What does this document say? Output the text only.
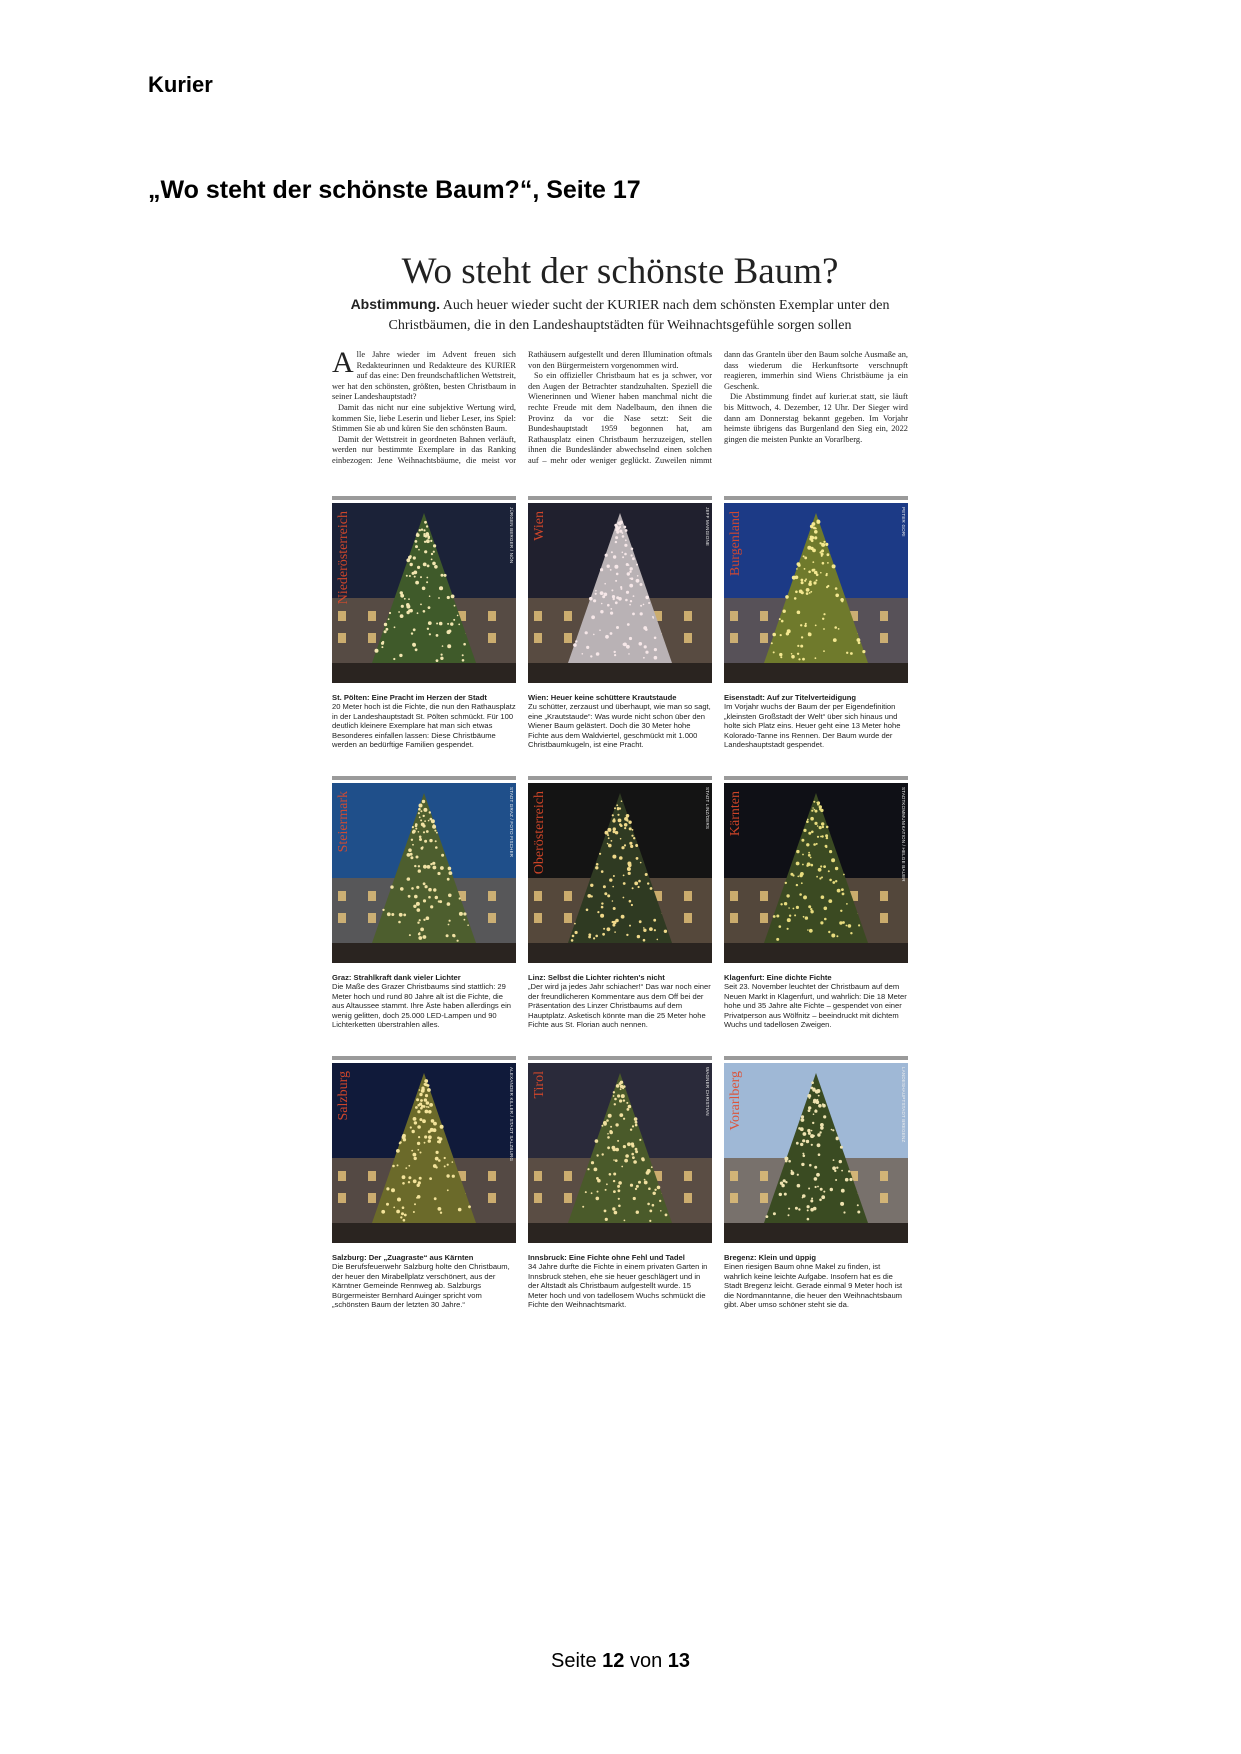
Kurier
„Wo steht der schönste Baum?“, Seite 17
Wo steht der schönste Baum?
Abstimmung. Auch heuer wieder sucht der KURIER nach dem schönsten Exemplar unter den Christbäumen, die in den Landeshauptstädten für Weihnachtsgefühle sorgen sollen

Alle Jahre wieder im Advent freuen sich Redakteurinnen und Redakteure des KURIER auf das eine: Den freundschaftlichen Wettstreit, wer hat den schönsten, größten, besten Christbaum in seiner Landeshauptstadt?

Damit das nicht nur eine subjektive Wertung wird, kommen Sie, liebe Leserin und lieber Leser, ins Spiel: Stimmen Sie ab und küren Sie den schönsten Baum.

Damit der Wettstreit in geordneten Bahnen verläuft, werden nur bestimmte Exemplare in das Ranking einbezogen: Jene Weihnachtsbäume, die meist vor Rathäusern aufgestellt und deren Illumination oftmals von den Bürgermeistern vorgenommen wird.

So ein offizieller Christbaum hat es ja schwer, vor den Augen der Betrachter standzuhalten. Speziell die Wienerinnen und Wiener haben manchmal nicht die rechte Freude mit dem Nadelbaum, den ihnen die Provinz da vor die Nase setzt: Seit die Bundeshauptstadt 1959 begonnen hat, am Rathausplatz einen Christbaum herzuzeigen, stellen ihnen die Bundesländer abwechselnd einen solchen auf – mehr oder weniger geglückt. Zuweilen nimmt dann das Granteln über den Baum solche Ausmaße an, dass wiederum die Herkunftsorte verschnupft reagieren, immerhin sind Wiens Christbäume ja ein Geschenk.

Die Abstimmung findet auf kurier.at statt, sie läuft bis Mittwoch, 4. Dezember, 12 Uhr. Der Sieger wird dann am Donnerstag bekannt gegeben. Im Vorjahr heimste übrigens das Burgenland den Sieg ein, 2022 gingen die meisten Punkte an Vorarlberg.

Niederösterreich	JÜRGEN BERGER / NÖN
St. Pölten: Eine Pracht im Herzen der Stadt
20 Meter hoch ist die Fichte, die nun den Rathausplatz in der Landeshauptstadt St. Pölten schmückt. Für 100 deutlich kleinere Exemplare hat man sich etwas Besonderes einfallen lassen: Diese Christbäume werden an bedürftige Familien gespendet.
Wien	JEFF MANGIONE
Wien: Heuer keine schüttere Krautstaude
Zu schütter, zerzaust und überhaupt, wie man so sagt, eine „Krautstaude“: Was wurde nicht schon über den Wiener Baum gelästert. Doch die 30 Meter hohe Fichte aus dem Waldviertel, geschmückt mit 1.000 Christbaumkugeln, ist eine Pracht.
Burgenland	PETER GORI
Eisenstadt: Auf zur Titelverteidigung
Im Vorjahr wuchs der Baum der per Eigendefinition „kleinsten Großstadt der Welt“ über sich hinaus und holte sich Platz eins. Heuer geht eine 13 Meter hohe Kolorado-Tanne ins Rennen. Der Baum wurde der Landeshauptstadt gespendet.
Steiermark	STADT GRAZ / FOTO FISCHER
Graz: Strahlkraft dank vieler Lichter
Die Maße des Grazer Christbaums sind stattlich: 29 Meter hoch und rund 80 Jahre alt ist die Fichte, die aus Altaussee stammt. Ihre Äste haben allerdings ein wenig gelitten, doch 25.000 LED-Lampen und 90 Lichterketten überstrahlen alles.
Oberösterreich	STADT LINZ/DERS
Linz: Selbst die Lichter richten's nicht
„Der wird ja jedes Jahr schiacher!“ Das war noch einer der freundlicheren Kommentare aus dem Off bei der Präsentation des Linzer Christbaums auf dem Hauptplatz. Asketisch könnte man die 25 Meter hohe Fichte aus St. Florian auch nennen.
Kärnten	STADTKOMMUNIKATION / HELGE BAUER
Klagenfurt: Eine dichte Fichte
Seit 23. November leuchtet der Christbaum auf dem Neuen Markt in Klagenfurt, und wahrlich: Die 18 Meter hohe und 35 Jahre alte Fichte – gespendet von einer Privatperson aus Wölfnitz – beeindruckt mit dichtem Wuchs und tadellosen Zweigen.
Salzburg	ALEXANDER KILLER / STADT SALZBURG
Salzburg: Der „Zuagraste“ aus Kärnten
Die Berufsfeuerwehr Salzburg holte den Christbaum, der heuer den Mirabellplatz verschönert, aus der Kärntner Gemeinde Rennweg ab. Salzburgs Bürgermeister Bernhard Auinger spricht vom „schönsten Baum der letzten 30 Jahre.“
Tirol	WAGNER CHRISTIAN
Innsbruck: Eine Fichte ohne Fehl und Tadel
34 Jahre durfte die Fichte in einem privaten Garten in Innsbruck stehen, ehe sie heuer geschlägert und in der Altstadt als Christbaum aufgestellt wurde. 15 Meter hoch und von tadellosem Wuchs schmückt die Fichte den Weihnachtsmarkt.
Vorarlberg	LANDESHAUPTSTADT BREGENZ
Bregenz: Klein und üppig
Einen riesigen Baum ohne Makel zu finden, ist wahrlich keine leichte Aufgabe. Insofern hat es die Stadt Bregenz leicht. Gerade einmal 9 Meter hoch ist die Nordmanntanne, die heuer den Weihnachtsbaum gibt. Aber umso schöner steht sie da.
Seite 12 von 13
